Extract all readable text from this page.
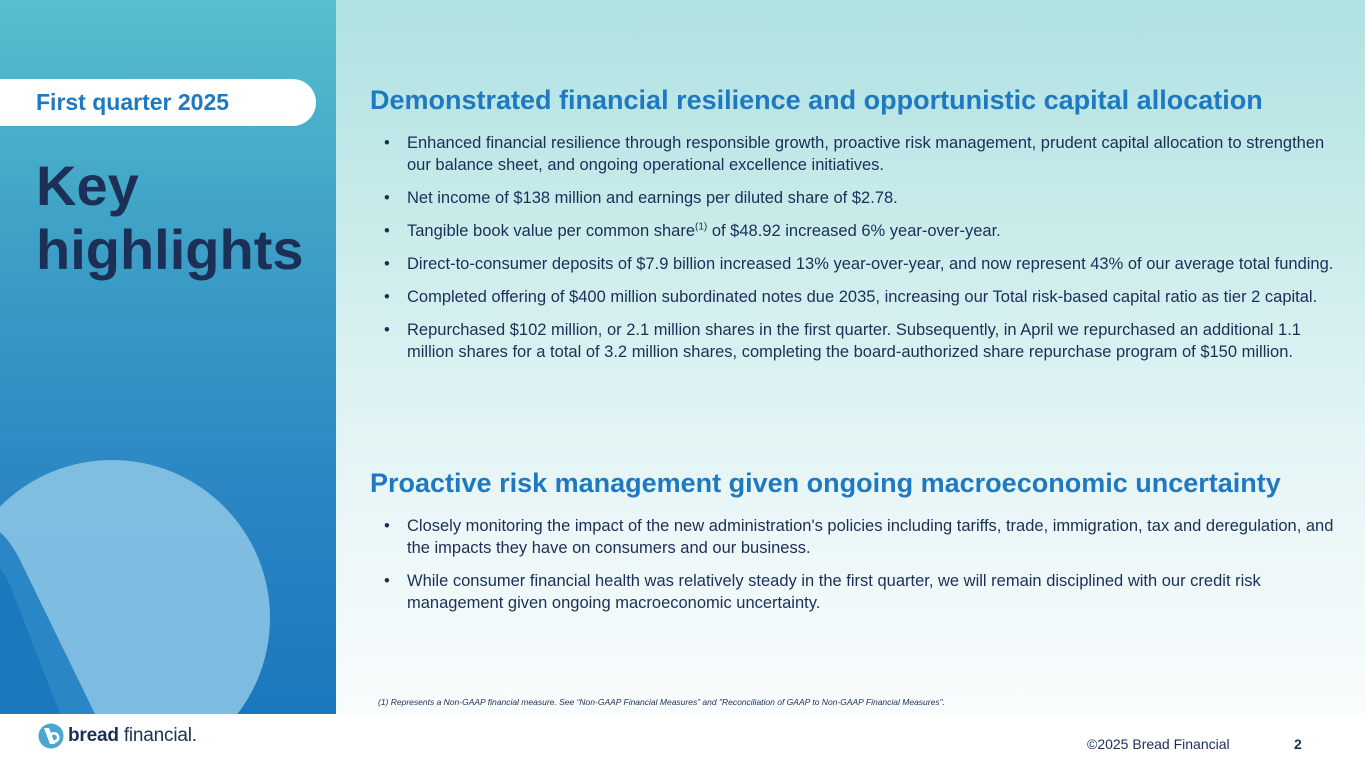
First quarter 2025
Key highlights
Demonstrated financial resilience and opportunistic capital allocation
• Enhanced financial resilience through responsible growth, proactive risk management, prudent capital allocation to strengthen our balance sheet, and ongoing operational excellence initiatives.
• Net income of $138 million and earnings per diluted share of $2.78.
• Tangible book value per common share$^{(1)}$ of $48.92 increased 6% year-over-year.
• Direct-to-consumer deposits of $7.9 billion increased 13% year-over-year, and now represent 43% of our average total funding.
• Completed offering of $400 million subordinated notes due 2035, increasing our Total risk-based capital ratio as tier 2 capital.
• Repurchased $102 million, or 2.1 million shares in the first quarter. Subsequently, in April we repurchased an additional 1.1 million shares for a total of 3.2 million shares, completing the board-authorized share repurchase program of $150 million.
Proactive risk management given ongoing macroeconomic uncertainty
• Closely monitoring the impact of the new administration's policies including tariffs, trade, immigration, tax and deregulation, and the impacts they have on consumers and our business.
• While consumer financial health was relatively steady in the first quarter, we will remain disciplined with our credit risk management given ongoing macroeconomic uncertainty.
(1) Represents a Non-GAAP financial measure. See “Non-GAAP Financial Measures” and "Reconciliation of GAAP to Non-GAAP Financial Measures".
bread financial.	©2025 Bread Financial	2
